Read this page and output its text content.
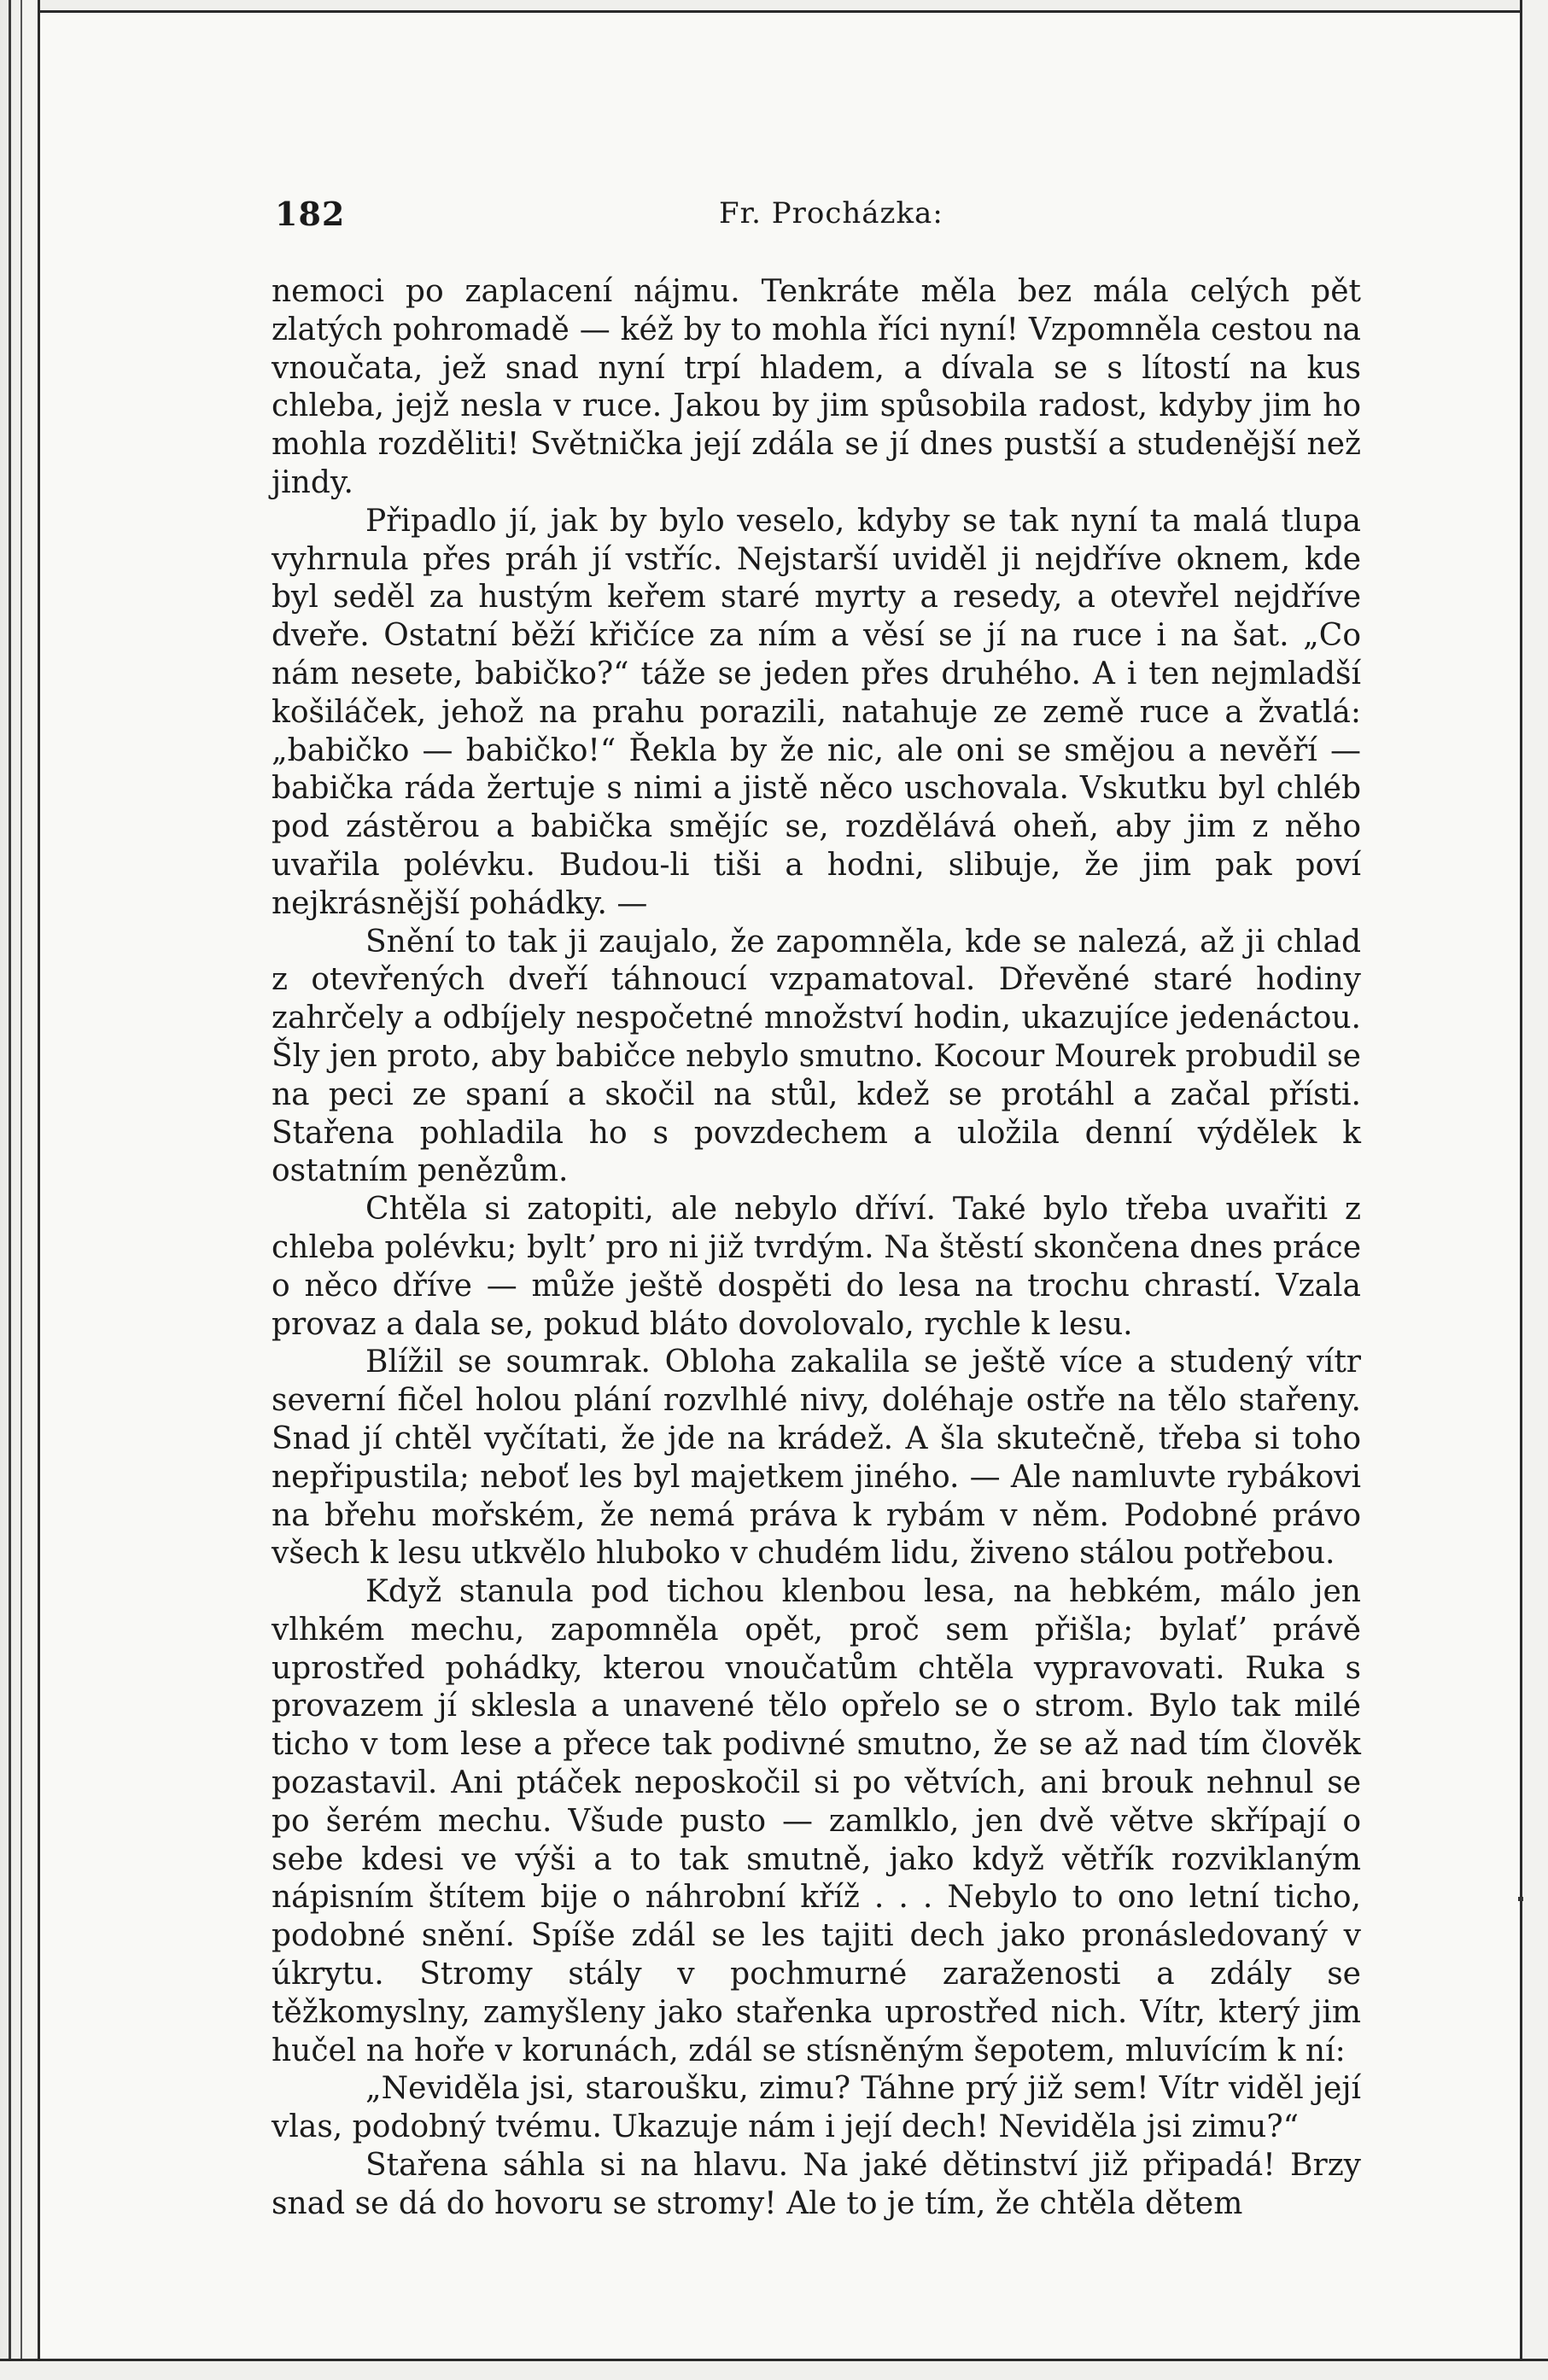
182	Fr. Procházka:

nemoci po zaplacení nájmu. Tenkráte měla bez mála celých pět zlatých pohromadě — kéž by to mohla říci nyní! Vzpomněla cestou na vnoučata, jež snad nyní trpí hladem, a dívala se s lítostí na kus chleba, jejž nesla v ruce. Jakou by jim spůsobila radost, kdyby jim ho mohla rozděliti! Světnička její zdála se jí dnes pustší a studenější než jindy.

Připadlo jí, jak by bylo veselo, kdyby se tak nyní ta malá tlupa vyhrnula přes práh jí vstříc. Nejstarší uviděl ji nejdříve oknem, kde byl seděl za hustým keřem staré myrty a resedy, a otevřel nejdříve dveře. Ostatní běží křičíce za ním a věsí se jí na ruce i na šat. „Co nám nesete, babičko?“ táže se jeden přes druhého. A i ten nejmladší košiláček, jehož na prahu porazili, natahuje ze země ruce a žvatlá: „babičko — babičko!“ Řekla by že nic, ale oni se smějou a nevěří — babička ráda žertuje s nimi a jistě něco uschovala. Vskutku byl chléb pod zástěrou a babička smějíc se, rozdělává oheň, aby jim z něho uvařila polévku. Budou-li tiši a hodni, slibuje, že jim pak poví nejkrásnější pohádky. —

Snění to tak ji zaujalo, že zapomněla, kde se nalezá, až ji chlad z otevřených dveří táhnoucí vzpamatoval. Dřevěné staré hodiny zahrčely a odbíjely nespočetné množství hodin, ukazujíce jedenáctou. Šly jen proto, aby babičce nebylo smutno. Kocour Mourek probudil se na peci ze spaní a skočil na stůl, kdež se protáhl a začal přísti. Stařena pohladila ho s povzdechem a uložila denní výdělek k ostatním penězům.

Chtěla si zatopiti, ale nebylo dříví. Také bylo třeba uvařiti z chleba polévku; byltʼ pro ni již tvrdým. Na štěstí skončena dnes práce o něco dříve — může ještě dospěti do lesa na trochu chrastí. Vzala provaz a dala se, pokud bláto dovolovalo, rychle k lesu.

Blížil se soumrak. Obloha zakalila se ještě více a studený vítr severní fičel holou plání rozvlhlé nivy, doléhaje ostře na tělo stařeny. Snad jí chtěl vyčítati, že jde na krádež. A šla skutečně, třeba si toho nepřipustila; neboť les byl majetkem jiného. — Ale namluvte rybákovi na břehu mořském, že nemá práva k rybám v něm. Podobné právo všech k lesu utkvělo hluboko v chudém lidu, živeno stálou potřebou.

Když stanula pod tichou klenbou lesa, na hebkém, málo jen vlhkém mechu, zapomněla opět, proč sem přišla; bylaťʼ právě uprostřed pohádky, kterou vnoučatům chtěla vypravovati. Ruka s provazem jí sklesla a unavené tělo opřelo se o strom. Bylo tak milé ticho v tom lese a přece tak podivné smutno, že se až nad tím člověk pozastavil. Ani ptáček neposkočil si po větvích, ani brouk nehnul se po šerém mechu. Všude pusto — zamlklo, jen dvě větve skřípají o sebe kdesi ve výši a to tak smutně, jako když větřík rozviklaným nápisním štítem bije o náhrobní kříž . . . Nebylo to ono letní ticho, podobné snění. Spíše zdál se les tajiti dech jako pronásledovaný v úkrytu. Stromy stály v pochmurné zaraženosti a zdály se těžkomyslny, zamyšleny jako stařenka uprostřed nich. Vítr, který jim hučel na hoře v korunách, zdál se stísněným šepotem, mluvícím k ní:

„Neviděla jsi, staroušku, zimu? Táhne prý již sem! Vítr viděl její vlas, podobný tvému. Ukazuje nám i její dech! Neviděla jsi zimu?“

Stařena sáhla si na hlavu. Na jaké dětinství již připadá! Brzy snad se dá do hovoru se stromy! Ale to je tím, že chtěla dětem
